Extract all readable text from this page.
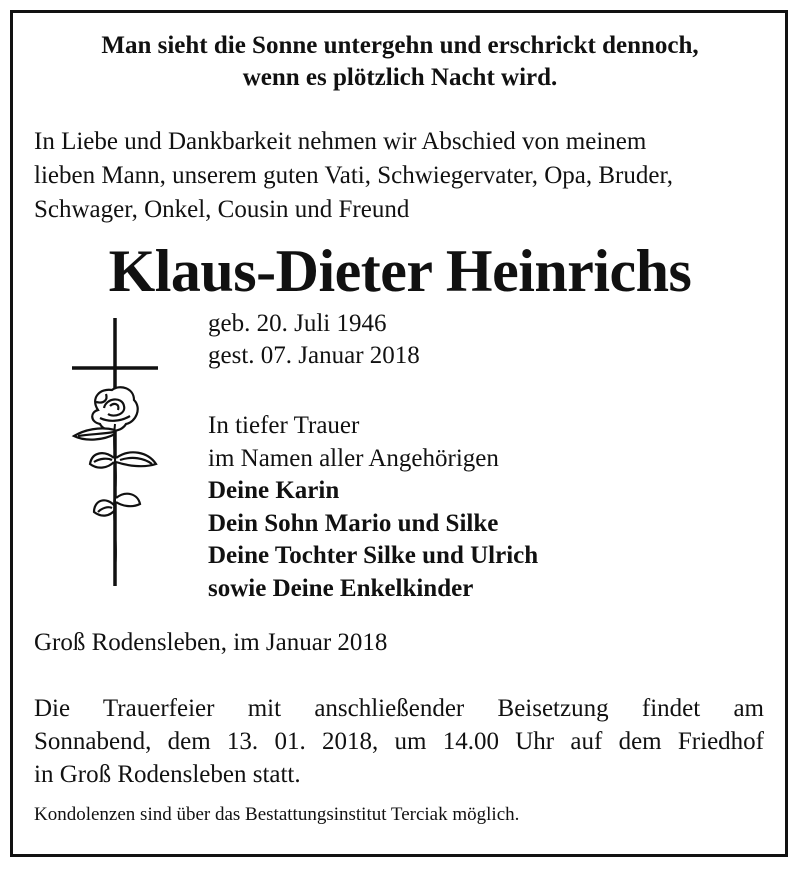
Man sieht die Sonne untergehn und erschrickt dennoch,
wenn es plötzlich Nacht wird.
In Liebe und Dankbarkeit nehmen wir Abschied von meinem
lieben Mann, unserem guten Vati, Schwiegervater, Opa, Bruder,
Schwager, Onkel, Cousin und Freund
Klaus-Dieter Heinrichs
geb. 20. Juli 1946
gest. 07. Januar 2018
In tiefer Trauer
im Namen aller Angehörigen
Deine Karin
Dein Sohn Mario und Silke
Deine Tochter Silke und Ulrich
sowie Deine Enkelkinder
Groß Rodensleben, im Januar 2018
Die Trauerfeier mit anschließender Beisetzung findet am
Sonnabend, dem 13. 01. 2018, um 14.00 Uhr auf dem Friedhof
in Groß Rodensleben statt.
Kondolenzen sind über das Bestattungsinstitut Terciak möglich.
